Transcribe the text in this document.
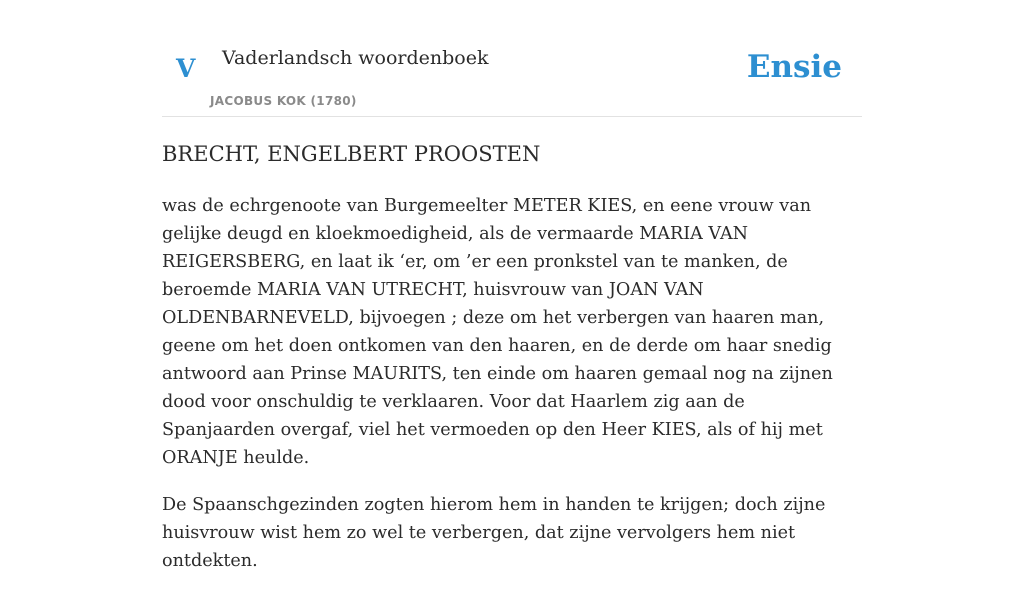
V Vaderlandsch woordenboek
JACOBUS KOK (1780)
Ensie
BRECHT, ENGELBERT PROOSTEN

was de echrgenoote van Burgemeelter METER KIES, en eene vrouw van gelijke deugd en kloekmoedigheid, als de vermaarde MARIA VAN REIGERSBERG, en laat ik ‘er, om ’er een pronkstel van te manken, de beroemde MARIA VAN UTRECHT, huisvrouw van JOAN VAN OLDENBARNEVELD, bijvoegen ; deze om het verbergen van haaren man, geene om het doen ontkomen van den haaren, en de derde om haar snedig antwoord aan Prinse MAURITS, ten einde om haaren gemaal nog na zijnen dood voor onschuldig te verklaaren. Voor dat Haarlem zig aan de Spanjaarden overgaf, viel het vermoeden op den Heer KIES, als of hij met ORANJE heulde.

De Spaanschgezinden zogten hierom hem in handen te krijgen; doch zijne huisvrouw wist hem zo wel te verbergen, dat zijne vervolgers hem niet ontdekten.
